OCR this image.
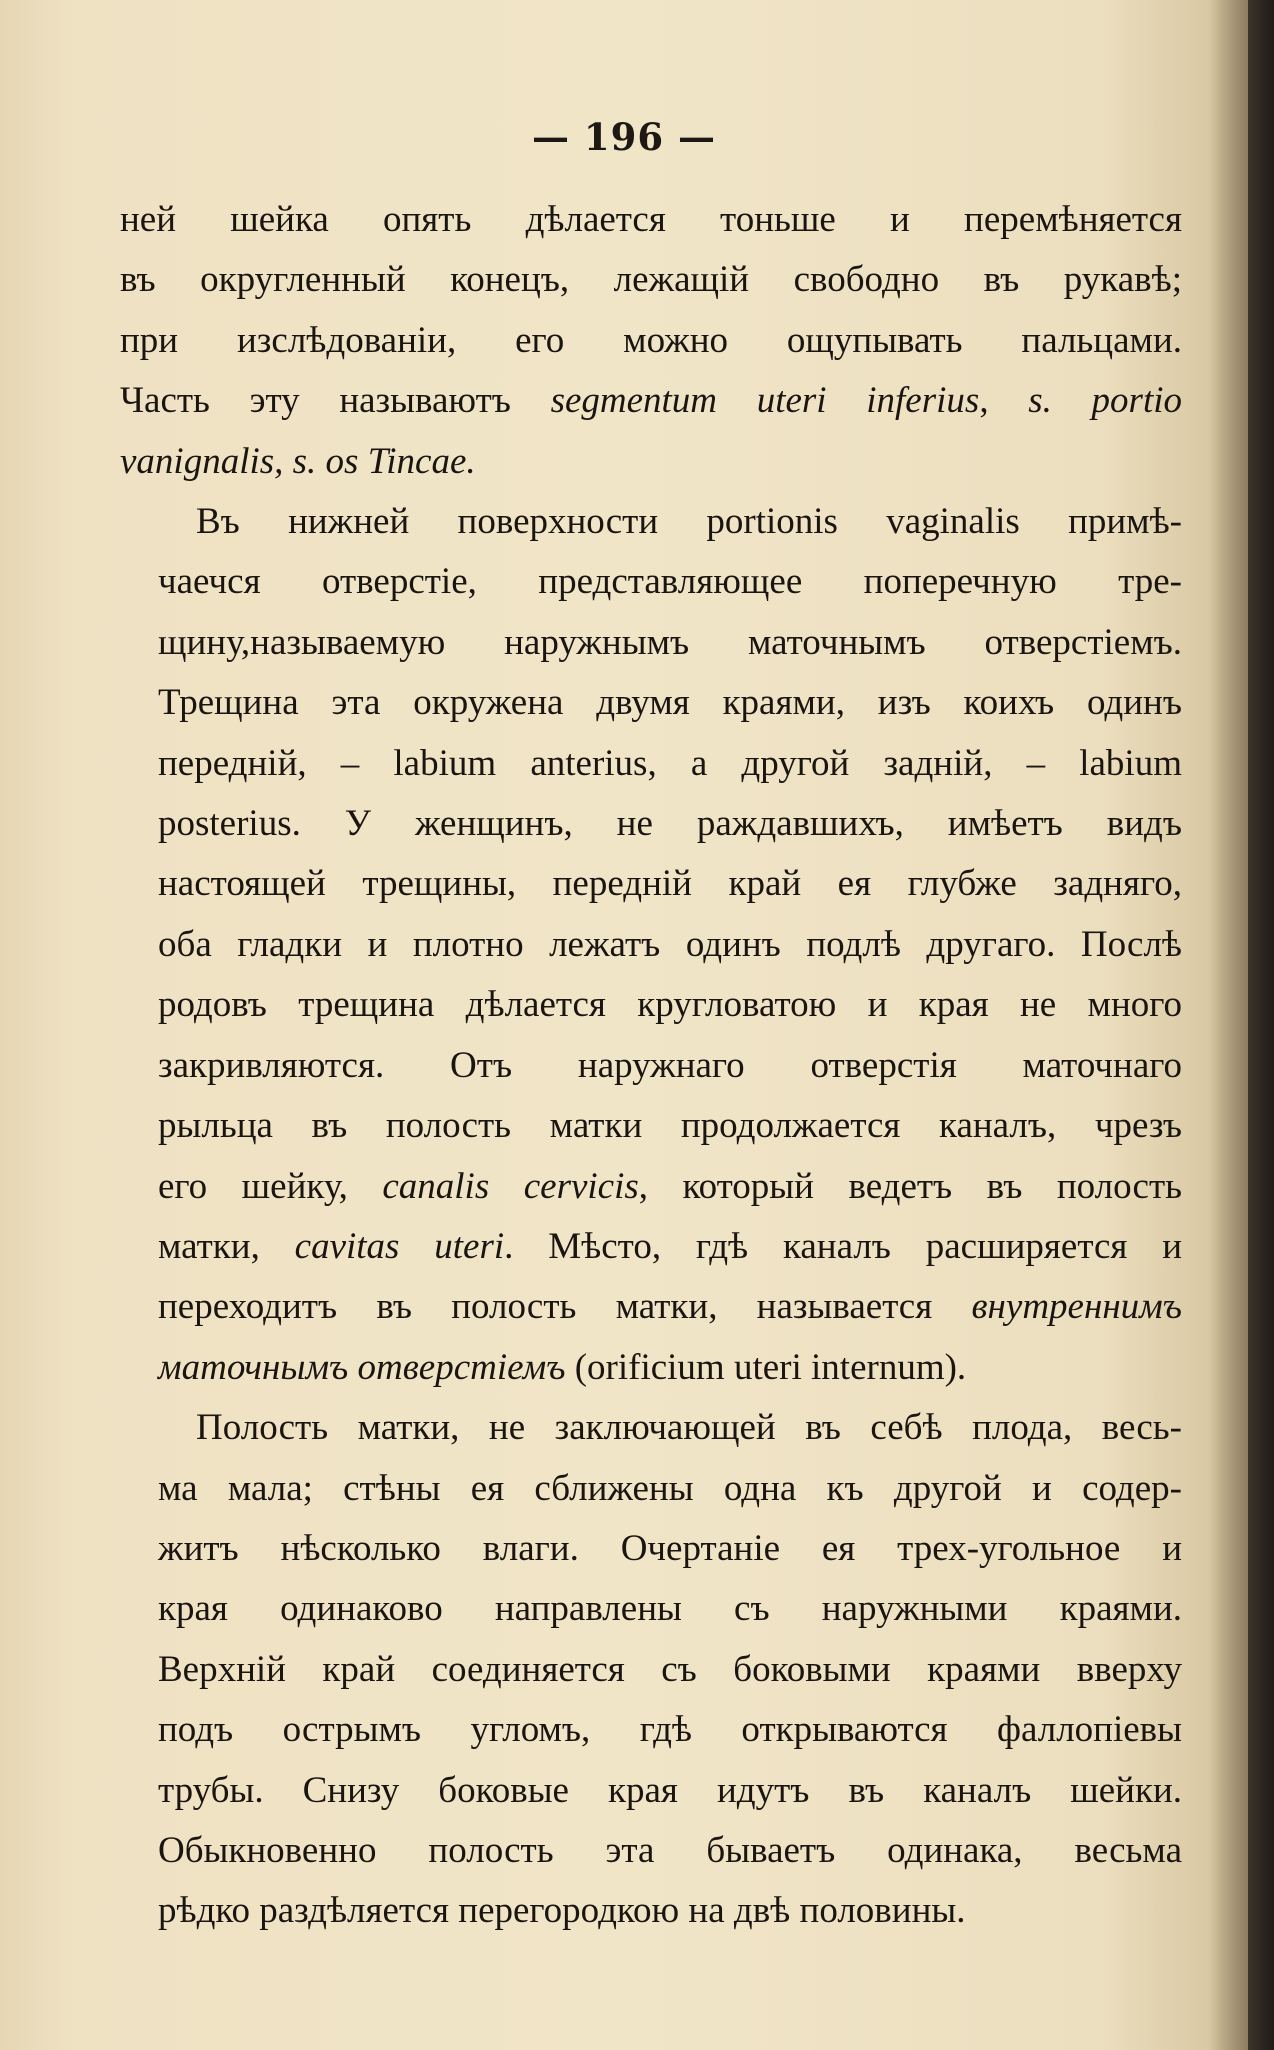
— 196 —
ней шейка опять дѣлается тоньше и перемѣняется
въ округленный конецъ, лежащій свободно въ рукавѣ;
при изслѣдованіи, его можно ощупывать пальцами.
Часть эту называютъ segmentum uteri inferius, s. portio
vanignalis, s. os Tincae.
Въ нижней поверхности portionis vaginalis примѣ-
чаечся отверстіе, представляющее поперечную тре-
щину,называемую наружнымъ маточнымъ отверстіемъ.
Трещина эта окружена двумя краями, изъ коихъ одинъ
передній, – labium anterius, а другой задній, – labium
posterius. У женщинъ, не раждавшихъ, имѣетъ видъ
настоящей трещины, передній край ея глубже задняго,
оба гладки и плотно лежатъ одинъ подлѣ другаго. Послѣ
родовъ трещина дѣлается кругловатою и края не много
закривляются. Отъ наружнаго отверстія маточнаго
рыльца въ полость матки продолжается каналъ, чрезъ
его шейку, canalis cervicis, который ведетъ въ полость
матки, cavitas uteri. Мѣсто, гдѣ каналъ расширяется и
переходитъ въ полость матки, называется внутреннимъ
маточнымъ отверстіемъ (orificium uteri internum).
Полость матки, не заключающей въ себѣ плода, весь-
ма мала; стѣны ея сближены одна къ другой и содер-
житъ нѣсколько влаги. Очертаніе ея трех-угольное и
края одинаково направлены съ наружными краями.
Верхній край соединяется съ боковыми краями вверху
подъ острымъ угломъ, гдѣ открываются фаллопіевы
трубы. Снизу боковые края идутъ въ каналъ шейки.
Обыкновенно полость эта бываетъ одинака, весьма
рѣдко раздѣляется перегородкою на двѣ половины.
